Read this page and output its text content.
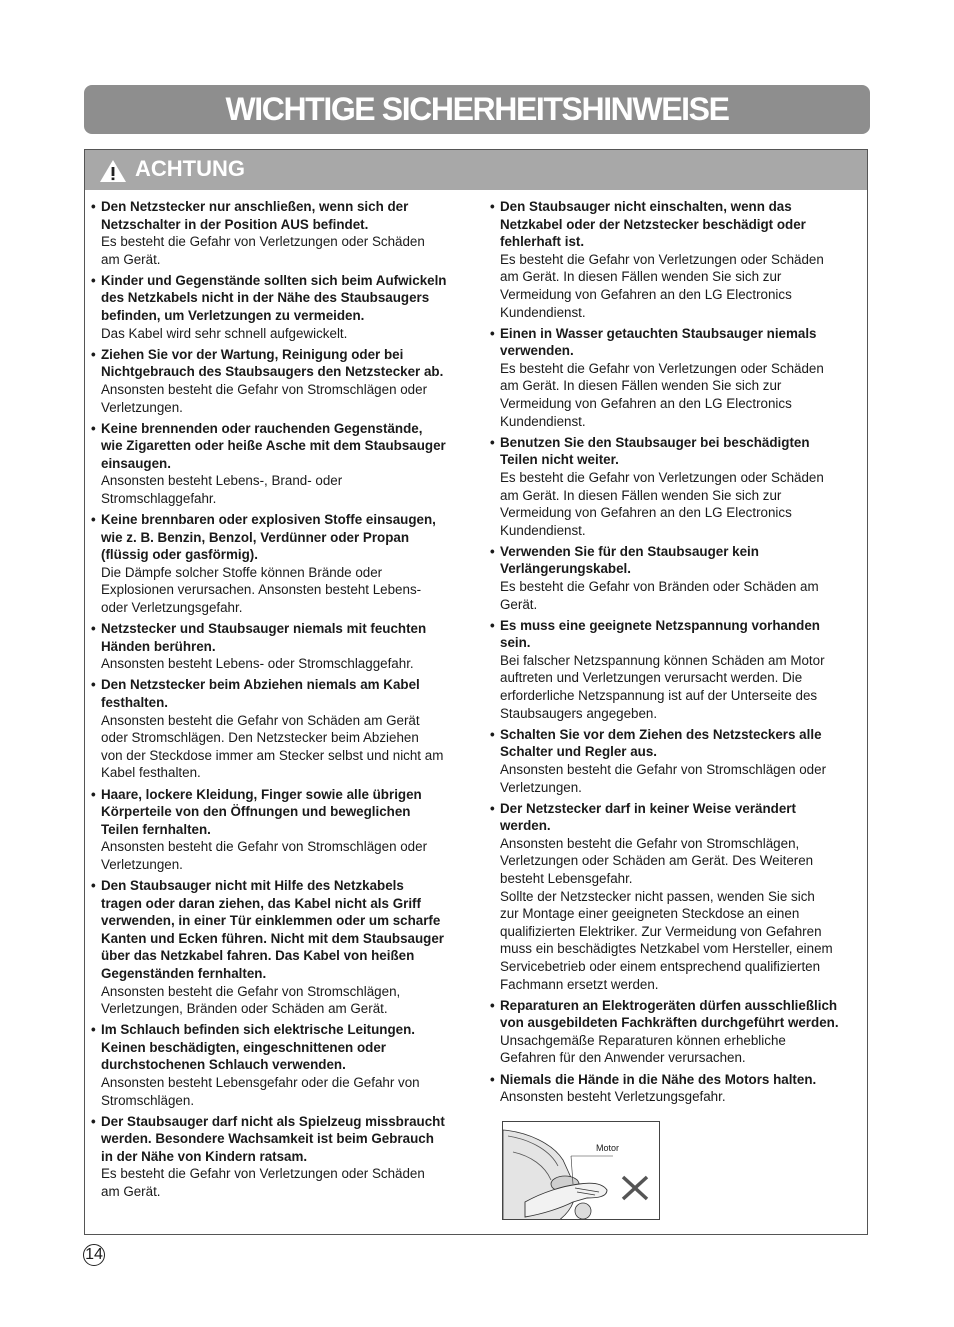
WICHTIGE SICHERHEITSHINWEISE
ACHTUNG
• Den Netzstecker nur anschließen, wenn sich der
Netzschalter in der Position AUS befindet.
Es besteht die Gefahr von Verletzungen oder Schäden
am Gerät.
• Kinder und Gegenstände sollten sich beim Aufwickeln
des Netzkabels nicht in der Nähe des Staubsaugers
befinden, um Verletzungen zu vermeiden.
Das Kabel wird sehr schnell aufgewickelt.
• Ziehen Sie vor der Wartung, Reinigung oder bei
Nichtgebrauch des Staubsaugers den Netzstecker ab.
Ansonsten besteht die Gefahr von Stromschlägen oder
Verletzungen.
• Keine brennenden oder rauchenden Gegenstände,
wie Zigaretten oder heiße Asche mit dem Staubsauger
einsaugen.
Ansonsten besteht Lebens-, Brand- oder
Stromschlaggefahr.
• Keine brennbaren oder explosiven Stoffe einsaugen,
wie z. B. Benzin, Benzol, Verdünner oder Propan
(flüssig oder gasförmig).
Die Dämpfe solcher Stoffe können Brände oder
Explosionen verursachen. Ansonsten besteht Lebens-
oder Verletzungsgefahr.
• Netzstecker und Staubsauger niemals mit feuchten
Händen berühren.
Ansonsten besteht Lebens- oder Stromschlaggefahr.
• Den Netzstecker beim Abziehen niemals am Kabel
festhalten.
Ansonsten besteht die Gefahr von Schäden am Gerät
oder Stromschlägen. Den Netzstecker beim Abziehen
von der Steckdose immer am Stecker selbst und nicht am
Kabel festhalten.
• Haare, lockere Kleidung, Finger sowie alle übrigen
Körperteile von den Öffnungen und beweglichen
Teilen fernhalten.
Ansonsten besteht die Gefahr von Stromschlägen oder
Verletzungen.
• Den Staubsauger nicht mit Hilfe des Netzkabels
tragen oder daran ziehen, das Kabel nicht als Griff
verwenden, in einer Tür einklemmen oder um scharfe
Kanten und Ecken führen. Nicht mit dem Staubsauger
über das Netzkabel fahren. Das Kabel von heißen
Gegenständen fernhalten.
Ansonsten besteht die Gefahr von Stromschlägen,
Verletzungen, Bränden oder Schäden am Gerät.
• Im Schlauch befinden sich elektrische Leitungen.
Keinen beschädigten, eingeschnittenen oder
durchstochenen Schlauch verwenden.
Ansonsten besteht Lebensgefahr oder die Gefahr von
Stromschlägen.
• Der Staubsauger darf nicht als Spielzeug missbraucht
werden. Besondere Wachsamkeit ist beim Gebrauch
in der Nähe von Kindern ratsam.
Es besteht die Gefahr von Verletzungen oder Schäden
am Gerät.
• Den Staubsauger nicht einschalten, wenn das
Netzkabel oder der Netzstecker beschädigt oder
fehlerhaft ist.
Es besteht die Gefahr von Verletzungen oder Schäden
am Gerät. In diesen Fällen wenden Sie sich zur
Vermeidung von Gefahren an den LG Electronics
Kundendienst.
• Einen in Wasser getauchten Staubsauger niemals
verwenden.
Es besteht die Gefahr von Verletzungen oder Schäden
am Gerät. In diesen Fällen wenden Sie sich zur
Vermeidung von Gefahren an den LG Electronics
Kundendienst.
• Benutzen Sie den Staubsauger bei beschädigten
Teilen nicht weiter.
Es besteht die Gefahr von Verletzungen oder Schäden
am Gerät. In diesen Fällen wenden Sie sich zur
Vermeidung von Gefahren an den LG Electronics
Kundendienst.
• Verwenden Sie für den Staubsauger kein
Verlängerungskabel.
Es besteht die Gefahr von Bränden oder Schäden am
Gerät.
• Es muss eine geeignete Netzspannung vorhanden
sein.
Bei falscher Netzspannung können Schäden am Motor
auftreten und Verletzungen verursacht werden. Die
erforderliche Netzspannung ist auf der Unterseite des
Staubsaugers angegeben.
• Schalten Sie vor dem Ziehen des Netzsteckers alle
Schalter und Regler aus.
Ansonsten besteht die Gefahr von Stromschlägen oder
Verletzungen.
• Der Netzstecker darf in keiner Weise verändert
werden.
Ansonsten besteht die Gefahr von Stromschlägen,
Verletzungen oder Schäden am Gerät. Des Weiteren
besteht Lebensgefahr.
Sollte der Netzstecker nicht passen, wenden Sie sich
zur Montage einer geeigneten Steckdose an einen
qualifizierten Elektriker. Zur Vermeidung von Gefahren
muss ein beschädigtes Netzkabel vom Hersteller, einem
Servicebetrieb oder einem entsprechend qualifizierten
Fachmann ersetzt werden.
• Reparaturen an Elektrogeräten dürfen ausschließlich
von ausgebildeten Fachkräften durchgeführt werden.
Unsachgemäße Reparaturen können erhebliche
Gefahren für den Anwender verursachen.
• Niemals die Hände in die Nähe des Motors halten.
Ansonsten besteht Verletzungsgefahr.
Motor
14
